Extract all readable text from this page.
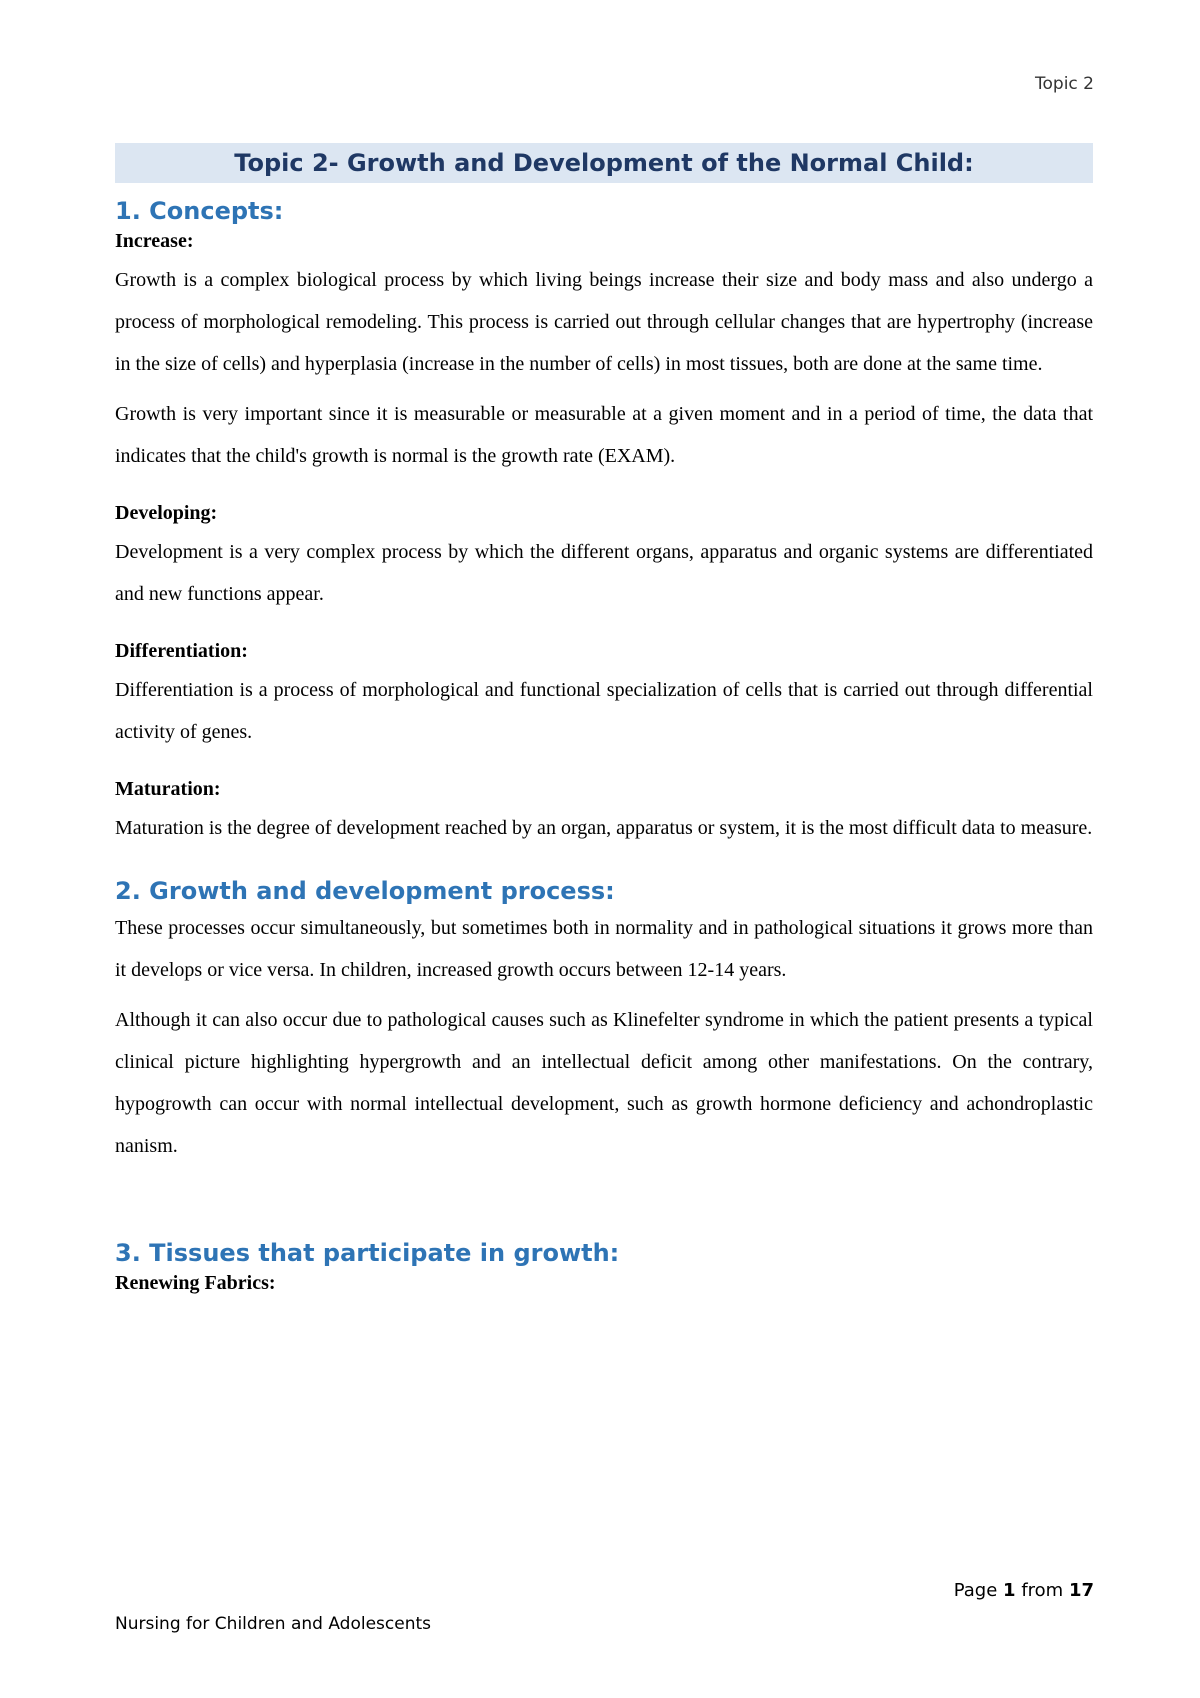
Topic 2
Topic 2- Growth and Development of the Normal Child:
1. Concepts:

Increase:

Growth is a complex biological process by which living beings increase their size and body mass and also undergo a process of morphological remodeling. This process is carried out through cellular changes that are hypertrophy (increase in the size of cells) and hyperplasia (increase in the number of cells) in most tissues, both are done at the same time.

Growth is very important since it is measurable or measurable at a given moment and in a period of time, the data that indicates that the child's growth is normal is the growth rate (EXAM).

Developing:

Development is a very complex process by which the different organs, apparatus and organic systems are differentiated and new functions appear.

Differentiation:

Differentiation is a process of morphological and functional specialization of cells that is carried out through differential activity of genes.

Maturation:

Maturation is the degree of development reached by an organ, apparatus or system, it is the most difficult data to measure.

2. Growth and development process:

These processes occur simultaneously, but sometimes both in normality and in pathological situations it grows more than it develops or vice versa. In children, increased growth occurs between 12-14 years.

Although it can also occur due to pathological causes such as Klinefelter syndrome in which the patient presents a typical clinical picture highlighting hypergrowth and an intellectual deficit among other manifestations. On the contrary, hypogrowth can occur with normal intellectual development, such as growth hormone deficiency and achondroplastic nanism.

3. Tissues that participate in growth:

Renewing Fabrics:

Page 1 from 17
Nursing for Children and Adolescents
